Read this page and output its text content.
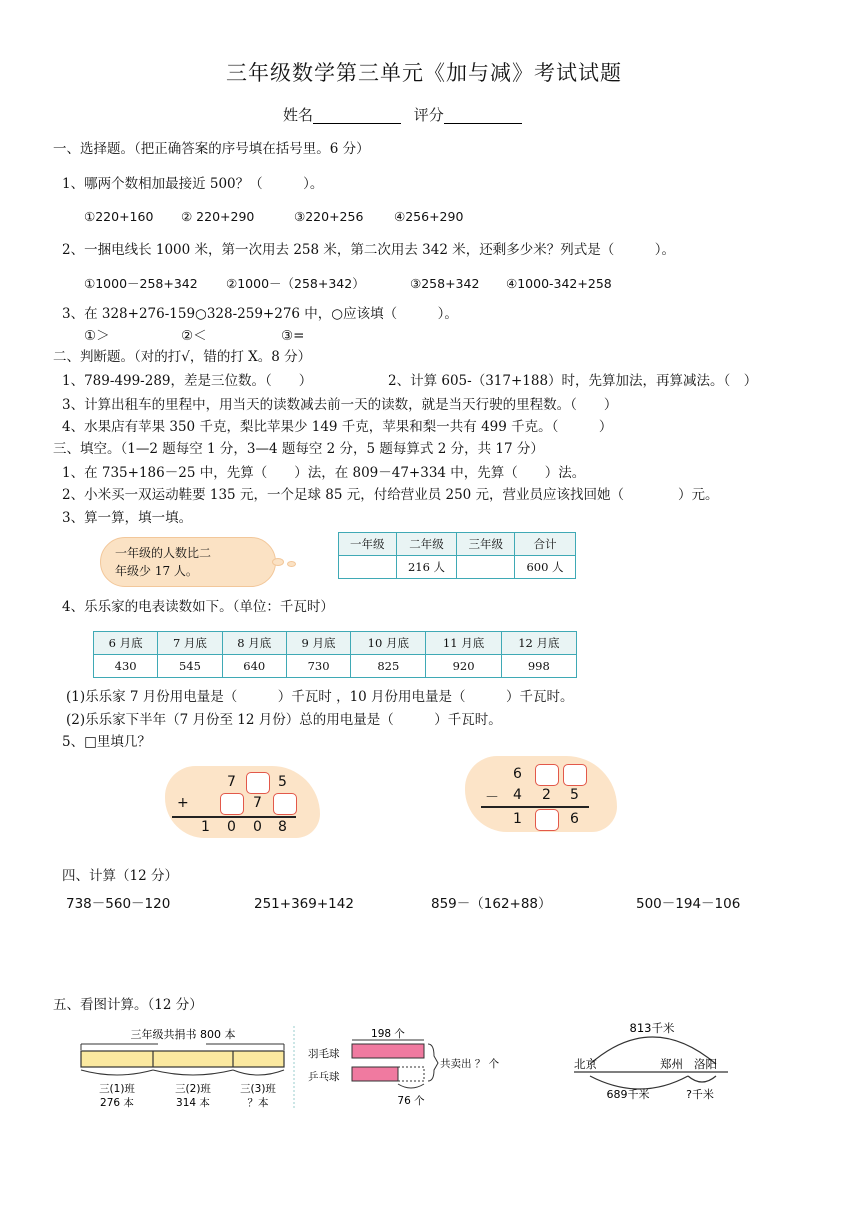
三年级数学第三单元《加与减》考试试题
姓名	评分
一、选择题。（把正确答案的序号填在括号里。6 分）
1、哪两个数相加最接近 500？（　　　）。
①220+160 ② 220+290	③220+256 ④256+290
2、一捆电线长 1000 米，第一次用去 258 米，第二次用去 342 米，还剩多少米？列式是（　　　）。
①1000－258+342 ②1000－（258+342）	③258+342 ④1000-342+258
3、在 328+276-159○328-259+276 中，○应该填（　　　）。
①＞	②＜	③=
二、判断题。（对的打√，错的打 X。8 分）
1、789-499-289，差是三位数。（　　）	2、计算 605-（317+188）时，先算加法，再算减法。（　）
3、计算出租车的里程中，用当天的读数减去前一天的读数，就是当天行驶的里程数。（　　）
4、水果店有苹果 350 千克，梨比苹果少 149 千克，苹果和梨一共有 499 千克。（　　　）
三、填空。（1—2 题每空 1 分，3—4 题每空 2 分，5 题每算式 2 分，共 17 分）
1、在 735+186－25 中，先算（　　）法，在 809－47+334 中，先算（　　）法。
2、小米买一双运动鞋要 135 元，一个足球 85 元，付给营业员 250 元，营业员应该找回她（　　　　）元。
3、算一算，填一填。
一年级的人数比二
年级少 17 人。
一年级	二年级	三年级	合计
	216 人		600 人
4、乐乐家的电表读数如下。（单位：千瓦时）
6 月底	7 月底	8 月底	9 月底	10 月底	11 月底	12 月底
430	545	640	730	825	920	998
(1)乐乐家 7 月份用电量是（　　　）千瓦时 ，10 月份用电量是（　　　）千瓦时。
(2)乐乐家下半年（7 月份至 12 月份）总的用电量是（　　　）千瓦时。
5、□里填几？
7	5
+	7
1 0 0 8
6
－ 4 2 5
1	6
四、计算（12 分）
738－560－120	251+369+142	859－（162+88）	500－194－106
五、看图计算。（12 分）
三年级共捐书 800 本
三(1)班	三(2)班	三(3)班
276 本	314 本	？本
198 个
羽毛球
乒乓球
共卖出 ？ 个
76 个
813千米
北京	郑州 洛阳
689千米	?千米
